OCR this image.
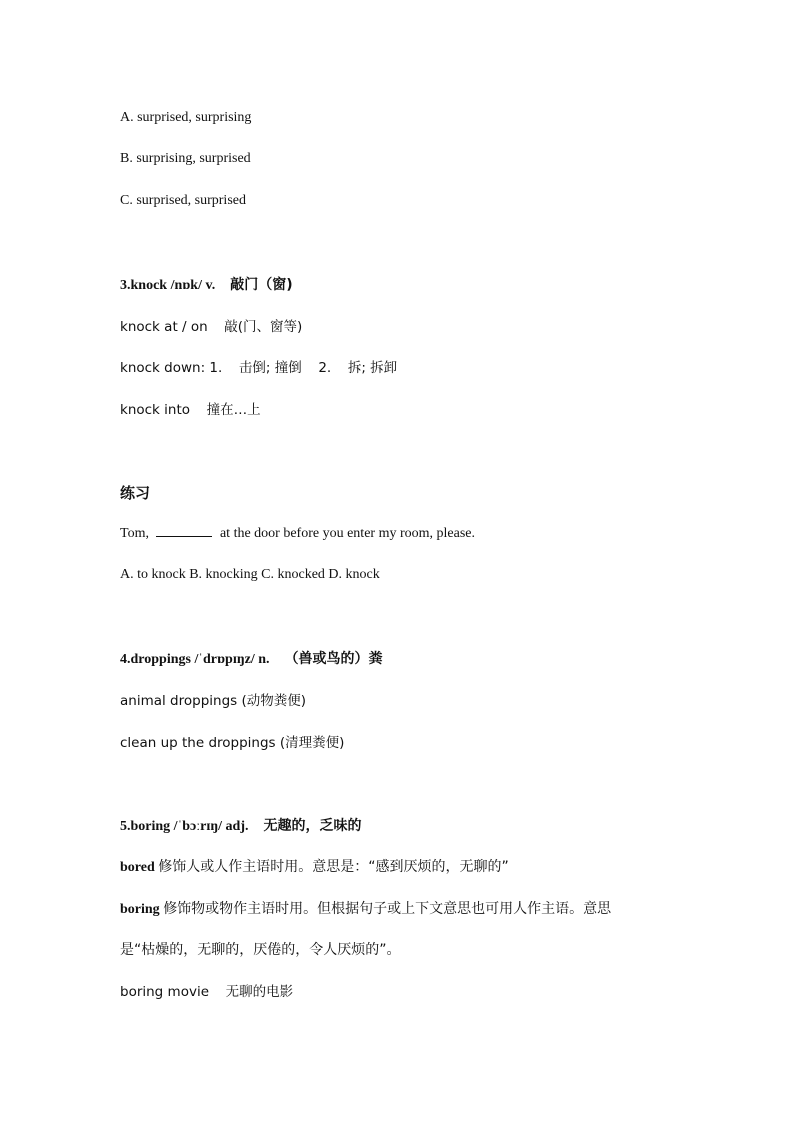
A. surprised, surprising
B. surprising, surprised
C. surprised, surprised
3.knock /nɒk/ v. 敲门（窗)
knock at / on 敲(门、窗等)
knock down: 1. 击倒; 撞倒 2. 拆; 拆卸
knock into 撞在…上
练习
Tom,	at the door before you enter my room, please.
A. to knock B. knocking C. knocked D. knock
4.droppings /ˈdrɒpɪŋz/ n. （兽或鸟的）粪
animal droppings (动物粪便)
clean up the droppings (清理粪便)
5.boring /ˈbɔːrɪŋ/ adj. 无趣的，乏味的
bored 修饰人或人作主语时用。意思是：“感到厌烦的，无聊的”
boring 修饰物或物作主语时用。但根据句子或上下文意思也可用人作主语。意思
是“枯燥的，无聊的，厌倦的，令人厌烦的”。
boring movie 无聊的电影
